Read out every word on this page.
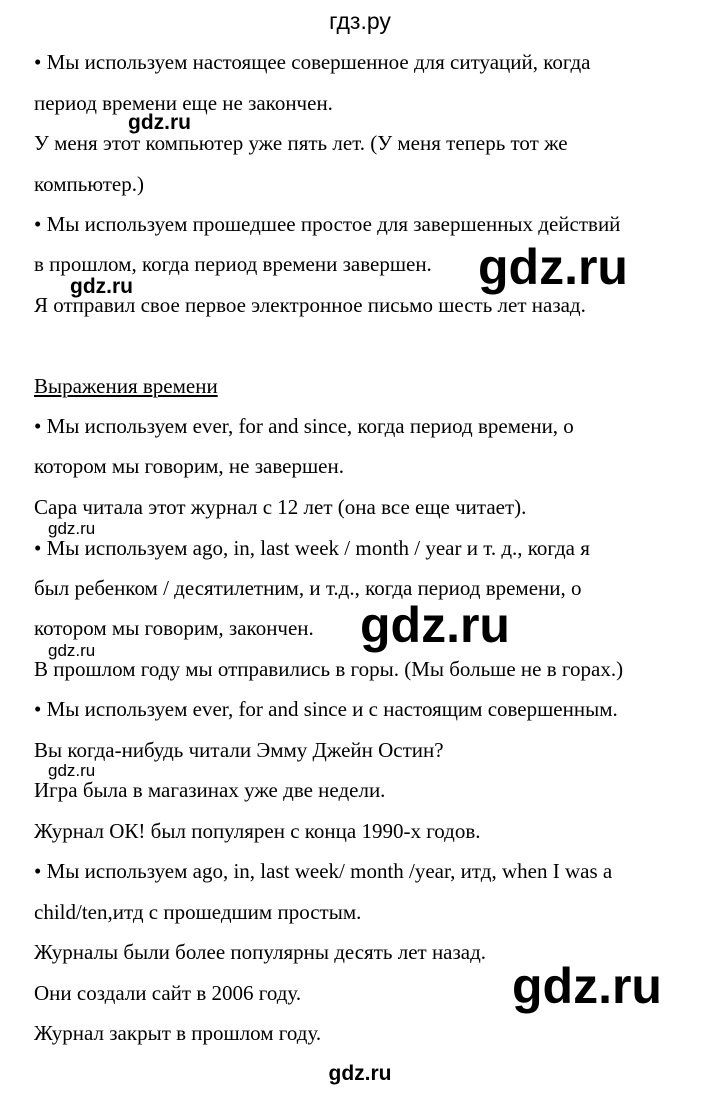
гдз.ру
• Мы используем настоящее совершенное для ситуаций, когда
период времени еще не закончен.
У меня этот компьютер уже пять лет. (У меня теперь тот же
компьютер.)
• Мы используем прошедшее простое для завершенных действий
в прошлом, когда период времени завершен.
Я отправил свое первое электронное письмо шесть лет назад.
Выражения времени
• Мы используем ever, for and since, когда период времени, о
котором мы говорим, не завершен.
Сара читала этот журнал с 12 лет (она все еще читает).
• Мы используем ago, in, last week / month / year и т. д., когда я
был ребенком / десятилетним, и т.д., когда период времени, о
котором мы говорим, закончен.
В прошлом году мы отправились в горы. (Мы больше не в горах.)
• Мы используем ever, for and since и с настоящим совершенным.
Вы когда-нибудь читали Эмму Джейн Остин?
Игра была в магазинах уже две недели.
Журнал ОК! был популярен с конца 1990-х годов.
• Мы используем ago, in, last week/ month /year, итд, when I was a
child/ten,итд с прошедшим простым.
Журналы были более популярны десять лет назад.
Они создали сайт в 2006 году.
Журнал закрыт в прошлом году.
gdz.ru
gdz.ru
gdz.ru
gdz.ru
gdz.ru
gdz.ru
gdz.ru
gdz.ru
gdz.ru
